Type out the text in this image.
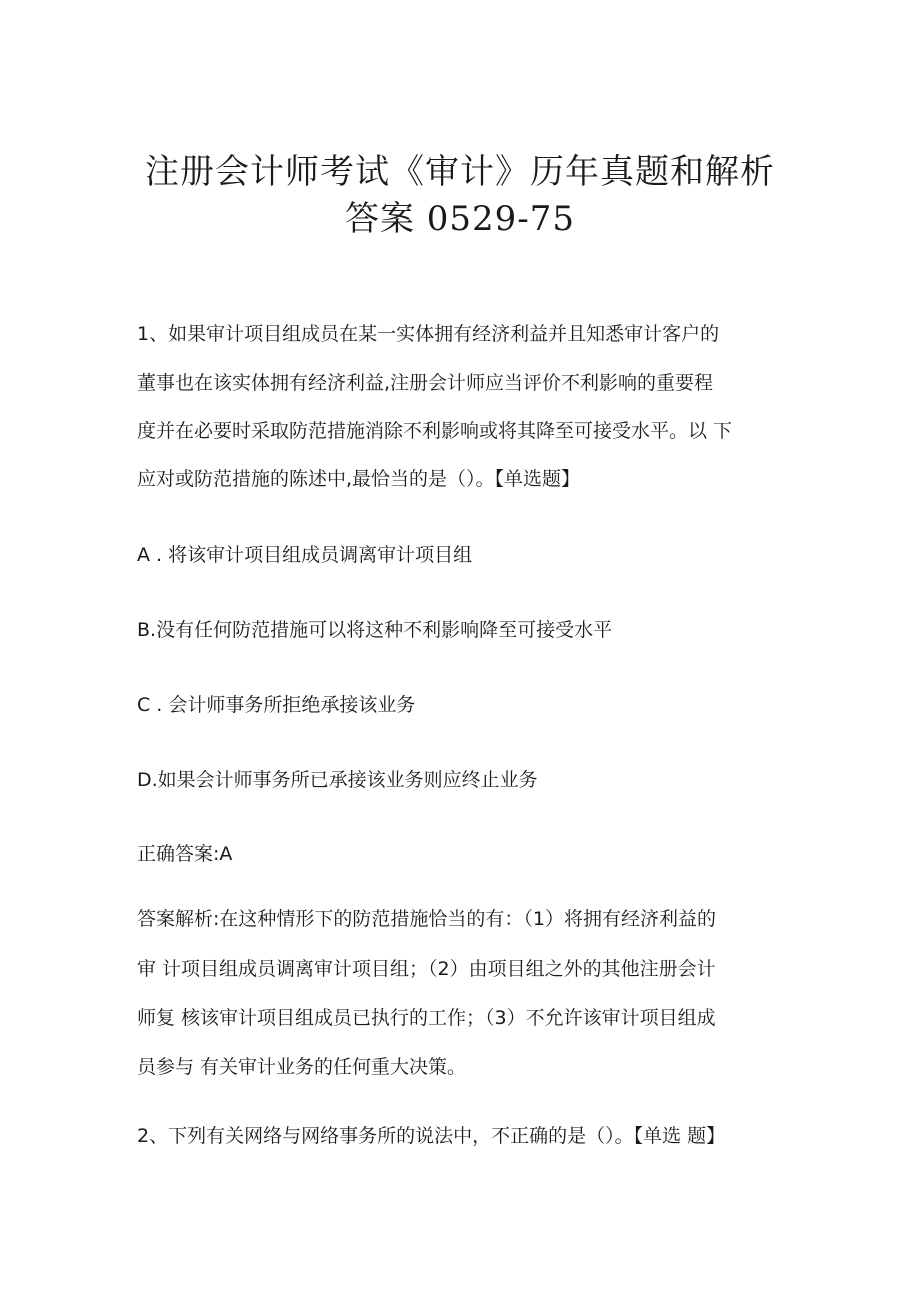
注册会计师考试《审计》历年真题和解析
答案 0529-75
1、如果审计项目组成员在某一实体拥有经济利益并且知悉审计客户的
董事也在该实体拥有经济利益,注册会计师应当评价不利影响的重要程
度并在必要时采取防范措施消除不利影响或将其降至可接受水平。以 下
应对或防范措施的陈述中,最恰当的是（）。【单选题】
A . 将该审计项目组成员调离审计项目组
B.没有任何防范措施可以将这种不利影响降至可接受水平
C . 会计师事务所拒绝承接该业务
D.如果会计师事务所已承接该业务则应终止业务
正确答案:A
答案解析:在这种情形下的防范措施恰当的有：（1）将拥有经济利益的
审 计项目组成员调离审计项目组；（2）由项目组之外的其他注册会计
师复 核该审计项目组成员已执行的工作；（3）不允许该审计项目组成
员参与 有关审计业务的任何重大决策。
2、下列有关网络与网络事务所的说法中，不正确的是（）。【单选 题】
